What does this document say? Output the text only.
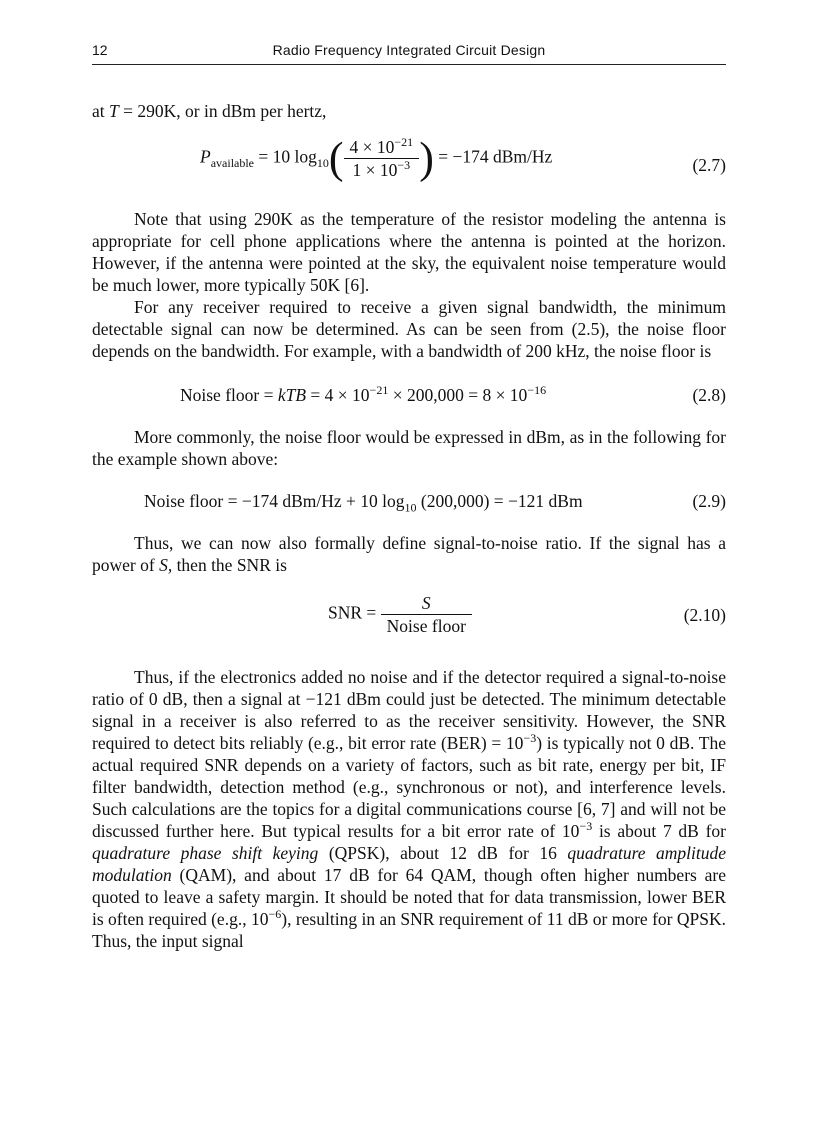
12	Radio Frequency Integrated Circuit Design

at T = 290K, or in dBm per hertz,

$P_{available} = 10$ $\log_{10}( \frac{4 \times 10^{-21}}{1 \times 10^{-3}}$ ) = −174 dBm/Hz	(2.7)

Note that using 290K as the temperature of the resistor modeling the antenna is appropriate for cell phone applications where the antenna is pointed at the horizon. However, if the antenna were pointed at the sky, the equivalent noise temperature would be much lower, more typically 50K [6].

For any receiver required to receive a given signal bandwidth, the minimum detectable signal can now be determined. As can be seen from (2.5), the noise floor depends on the bandwidth. For example, with a bandwidth of 200 kHz, the noise floor is

Noise floor = kTB = $4 \times 10^{-21} \times 200,000 = 8 \times 10^{-16}$	(2.8)

More commonly, the noise floor would be expressed in dBm, as in the following for the example shown above:

Noise floor = −174 dBm/Hz + 10 $\log_{10} (200,000) = -121$ dBm	(2.9)

Thus, we can now also formally define signal-to-noise ratio. If the signal has a power of S, then the SNR is

SNR = $\frac{S}{\text{Noise floor}}$	(2.10)

Thus, if the electronics added no noise and if the detector required a signal-to-noise ratio of 0 dB, then a signal at −121 dBm could just be detected. The minimum detectable signal in a receiver is also referred to as the receiver sensitivity. However, the SNR required to detect bits reliably (e.g., bit error rate $(BER) = 10^{-3}$) is typically not 0 dB. The actual required SNR depends on a variety of factors, such as bit rate, energy per bit, IF filter bandwidth, detection method (e.g., synchronous or not), and interference levels. Such calculations are the topics for a digital communications course [6, 7] and will not be discussed further here. But typical results for a bit error rate of $10^{-3}$ is about 7 dB for quadrature phase shift keying (QPSK), about 12 dB for 16 quadrature amplitude modulation (QAM), and about 17 dB for 64 QAM, though often higher numbers are quoted to leave a safety margin. It should be noted that for data transmission, lower BER is often required (e.g., $10^{-6}$), resulting in an SNR requirement of 11 dB or more for QPSK. Thus, the input signal
